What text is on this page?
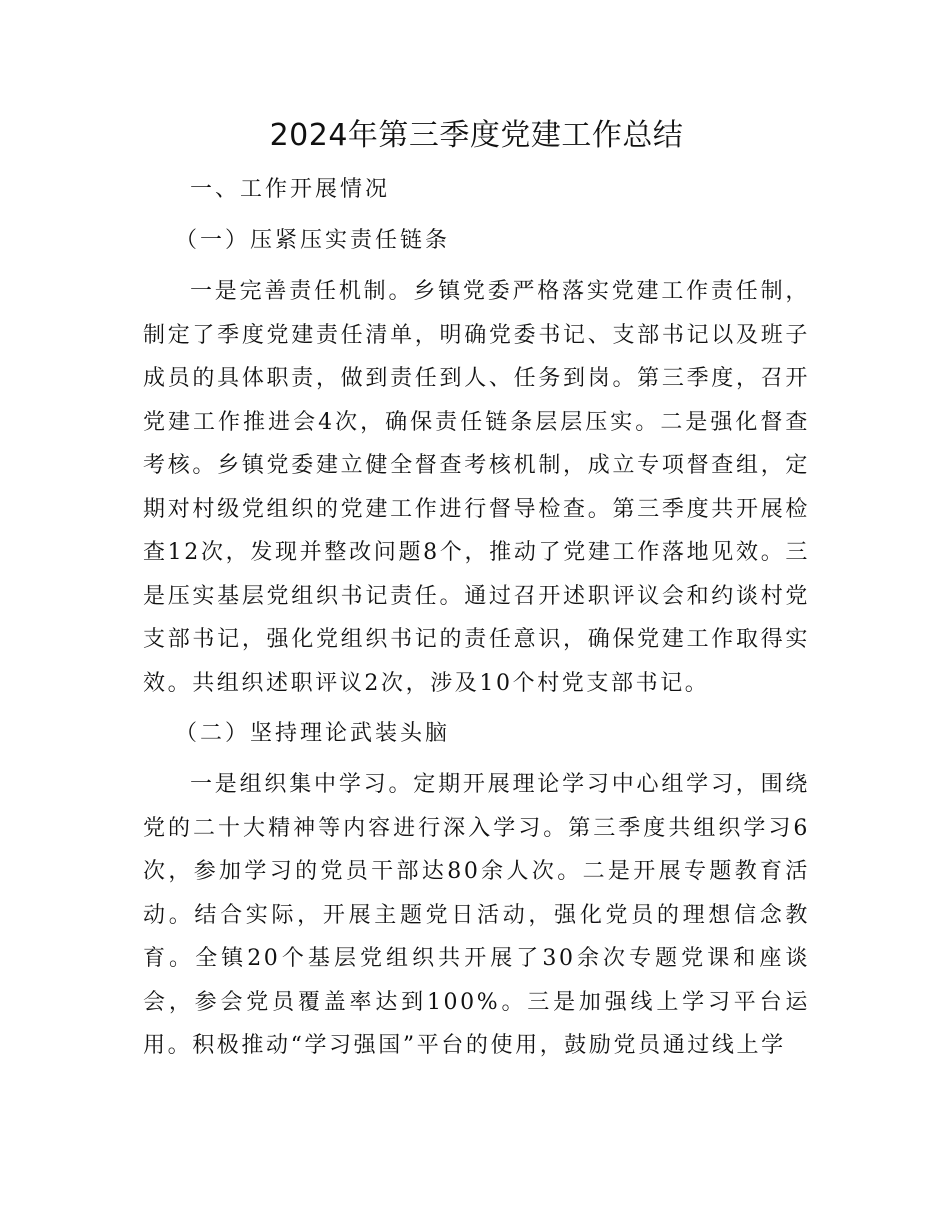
2024年第三季度党建工作总结

一、工作开展情况

（一）压紧压实责任链条

一是完善责任机制。乡镇党委严格落实党建工作责任制，制定了季度党建责任清单，明确党委书记、支部书记以及班子成员的具体职责，做到责任到人、任务到岗。第三季度，召开党建工作推进会4次，确保责任链条层层压实。二是强化督查考核。乡镇党委建立健全督查考核机制，成立专项督查组，定期对村级党组织的党建工作进行督导检查。第三季度共开展检查12次，发现并整改问题8个，推动了党建工作落地见效。三是压实基层党组织书记责任。通过召开述职评议会和约谈村党支部书记，强化党组织书记的责任意识，确保党建工作取得实效。共组织述职评议2次，涉及10个村党支部书记。

（二）坚持理论武装头脑

一是组织集中学习。定期开展理论学习中心组学习，围绕党的二十大精神等内容进行深入学习。第三季度共组织学习6次，参加学习的党员干部达80余人次。二是开展专题教育活动。结合实际，开展主题党日活动，强化党员的理想信念教育。全镇20个基层党组织共开展了30余次专题党课和座谈会，参会党员覆盖率达到100%。三是加强线上学习平台运用。积极推动“学习强国”平台的使用，鼓励党员通过线上学
